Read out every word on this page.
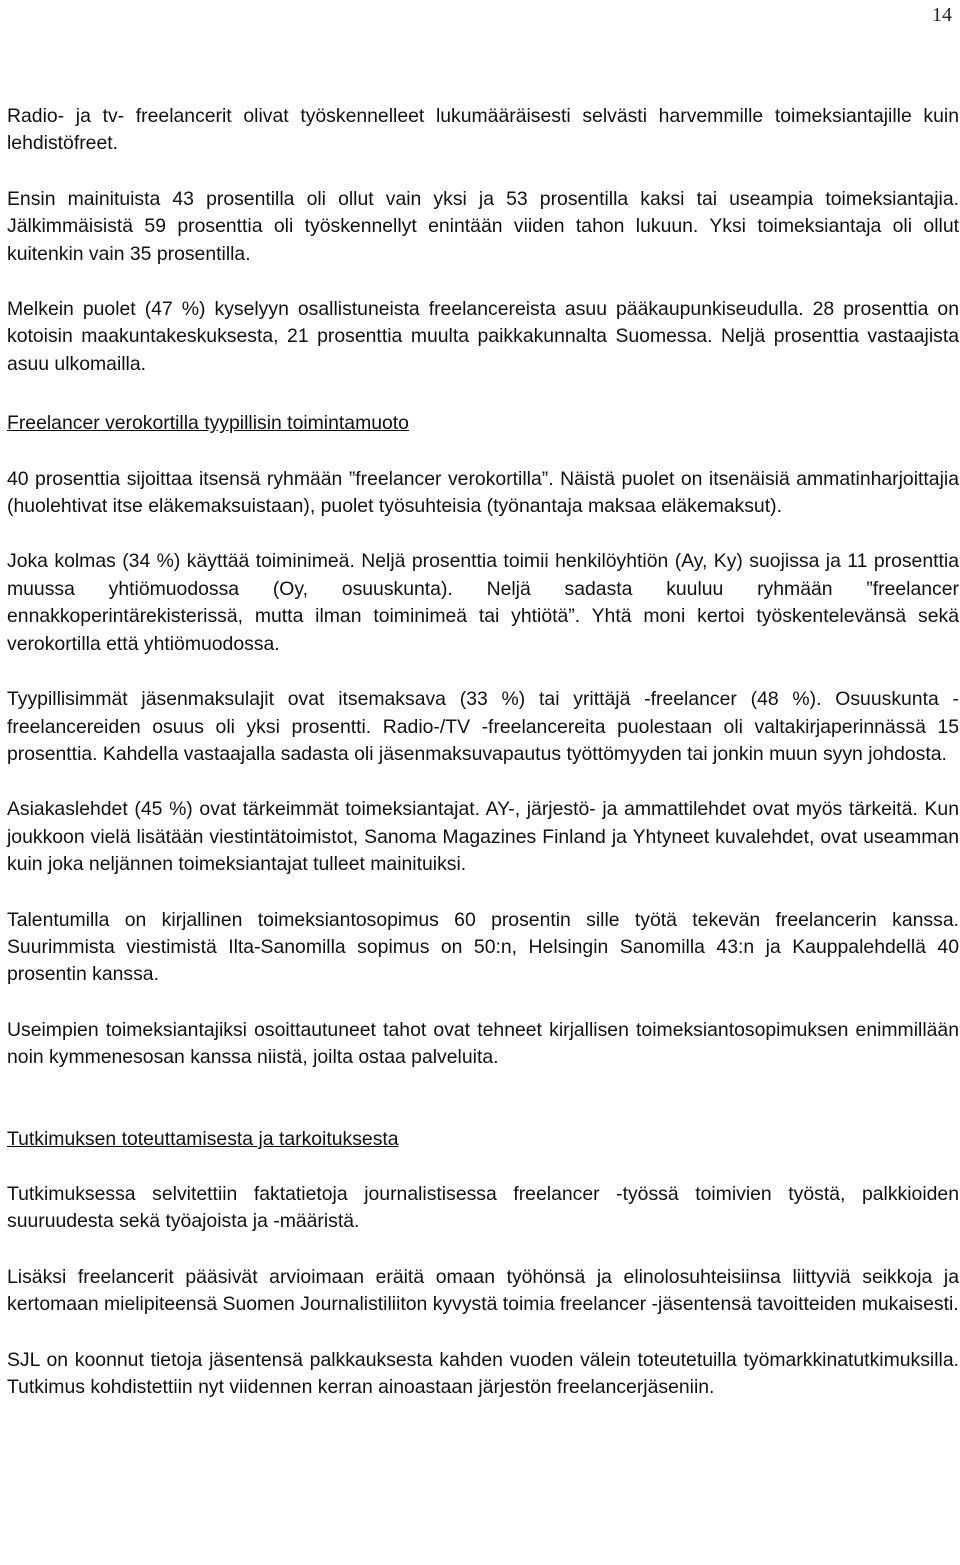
14

Radio- ja tv- freelancerit olivat työskennelleet lukumääräisesti selvästi harvemmille toimeksiantajille kuin lehdistöfreet.

Ensin mainituista 43 prosentilla oli ollut vain yksi ja 53 prosentilla kaksi tai useampia toimeksiantajia. Jälkimmäisistä 59 prosenttia oli työskennellyt enintään viiden tahon lukuun. Yksi toimeksiantaja oli ollut kuitenkin vain 35 prosentilla.

Melkein puolet (47 %) kyselyyn osallistuneista freelancereista asuu pääkaupunkiseudulla. 28 prosenttia on kotoisin maakuntakeskuksesta, 21 prosenttia muulta paikkakunnalta Suomessa. Neljä prosenttia vastaajista asuu ulkomailla.

Freelancer verokortilla tyypillisin toimintamuoto

40 prosenttia sijoittaa itsensä ryhmään ”freelancer verokortilla”. Näistä puolet on itsenäisiä ammatinharjoittajia (huolehtivat itse eläkemaksuistaan), puolet työsuhteisia (työnantaja maksaa eläkemaksut).

Joka kolmas (34 %) käyttää toiminimeä. Neljä prosenttia toimii henkilöyhtiön (Ay, Ky) suojissa ja 11 prosenttia muussa yhtiömuodossa (Oy, osuuskunta). Neljä sadasta kuuluu ryhmään ”freelancer ennakkoperintärekisterissä, mutta ilman toiminimeä tai yhtiötä”. Yhtä moni kertoi työskentelevänsä sekä verokortilla että yhtiömuodossa.

Tyypillisimmät jäsenmaksulajit ovat itsemaksava (33 %) tai yrittäjä -freelancer (48 %). Osuuskunta -freelancereiden osuus oli yksi prosentti. Radio-/TV -freelancereita puolestaan oli valtakirjaperinnässä 15 prosenttia. Kahdella vastaajalla sadasta oli jäsenmaksuvapautus työttömyyden tai jonkin muun syyn johdosta.

Asiakaslehdet (45 %) ovat tärkeimmät toimeksiantajat. AY-, järjestö- ja ammattilehdet ovat myös tärkeitä. Kun joukkoon vielä lisätään viestintätoimistot, Sanoma Magazines Finland ja Yhtyneet kuvalehdet, ovat useamman kuin joka neljännen toimeksiantajat tulleet mainituiksi.

Talentumilla on kirjallinen toimeksiantosopimus 60 prosentin sille työtä tekevän freelancerin kanssa. Suurimmista viestimistä Ilta-Sanomilla sopimus on 50:n, Helsingin Sanomilla 43:n ja Kauppalehdellä 40 prosentin kanssa.

Useimpien toimeksiantajiksi osoittautuneet tahot ovat tehneet kirjallisen toimeksiantosopimuksen enimmillään noin kymmenesosan kanssa niistä, joilta ostaa palveluita.

Tutkimuksen toteuttamisesta ja tarkoituksesta

Tutkimuksessa selvitettiin faktatietoja journalistisessa freelancer -työssä toimivien työstä, palkkioiden suuruudesta sekä työajoista ja -määristä.

Lisäksi freelancerit pääsivät arvioimaan eräitä omaan työhönsä ja elinolosuhteisiinsa liittyviä seikkoja ja kertomaan mielipiteensä Suomen Journalistiliiton kyvystä toimia freelancer -jäsentensä tavoitteiden mukaisesti.

SJL on koonnut tietoja jäsentensä palkkauksesta kahden vuoden välein toteutetuilla työmarkkinatutkimuksilla. Tutkimus kohdistettiin nyt viidennen kerran ainoastaan järjestön freelancerjäseniin.
